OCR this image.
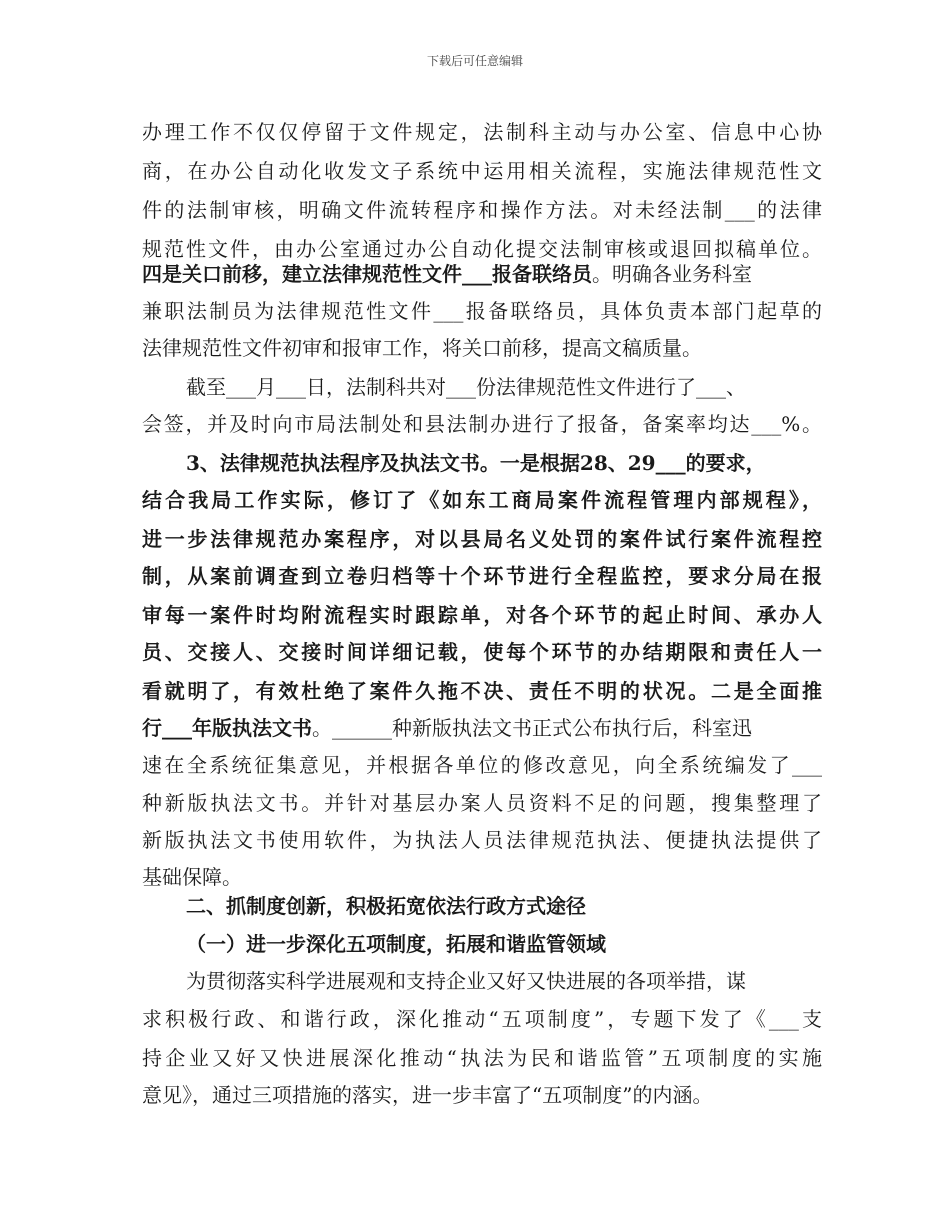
下载后可任意编辑
办理工作不仅仅停留于文件规定，法制科主动与办公室、信息中心协
商，在办公自动化收发文子系统中运用相关流程，实施法律规范性文
件的法制审核，明确文件流转程序和操作方法。对未经法制___的法律
规范性文件，由办公室通过办公自动化提交法制审核或退回拟稿单位。
四是关口前移，建立法律规范性文件___报备联络员。明确各业务科室
兼职法制员为法律规范性文件___报备联络员，具体负责本部门起草的
法律规范性文件初审和报审工作，将关口前移，提高文稿质量。
截至___月___日，法制科共对___份法律规范性文件进行了___、
会签，并及时向市局法制处和县法制办进行了报备，备案率均达___%。
3、法律规范执法程序及执法文书。一是根据28、29___的要求，
结合我局工作实际，修订了《如东工商局案件流程管理内部规程》，
进一步法律规范办案程序，对以县局名义处罚的案件试行案件流程控
制，从案前调查到立卷归档等十个环节进行全程监控，要求分局在报
审每一案件时均附流程实时跟踪单，对各个环节的起止时间、承办人
员、交接人、交接时间详细记载，使每个环节的办结期限和责任人一
看就明了，有效杜绝了案件久拖不决、责任不明的状况。二是全面推
行___年版执法文书。______种新版执法文书正式公布执行后，科室迅
速在全系统征集意见，并根据各单位的修改意见，向全系统编发了___
种新版执法文书。并针对基层办案人员资料不足的问题，搜集整理了
新版执法文书使用软件，为执法人员法律规范执法、便捷执法提供了
基础保障。
二、抓制度创新，积极拓宽依法行政方式途径
（一）进一步深化五项制度，拓展和谐监管领域
为贯彻落实科学进展观和支持企业又好又快进展的各项举措，谋
求积极行政、和谐行政，深化推动“五项制度”，专题下发了《___支
持企业又好又快进展深化推动“执法为民和谐监管”五项制度的实施
意见》，通过三项措施的落实，进一步丰富了“五项制度”的内涵。
